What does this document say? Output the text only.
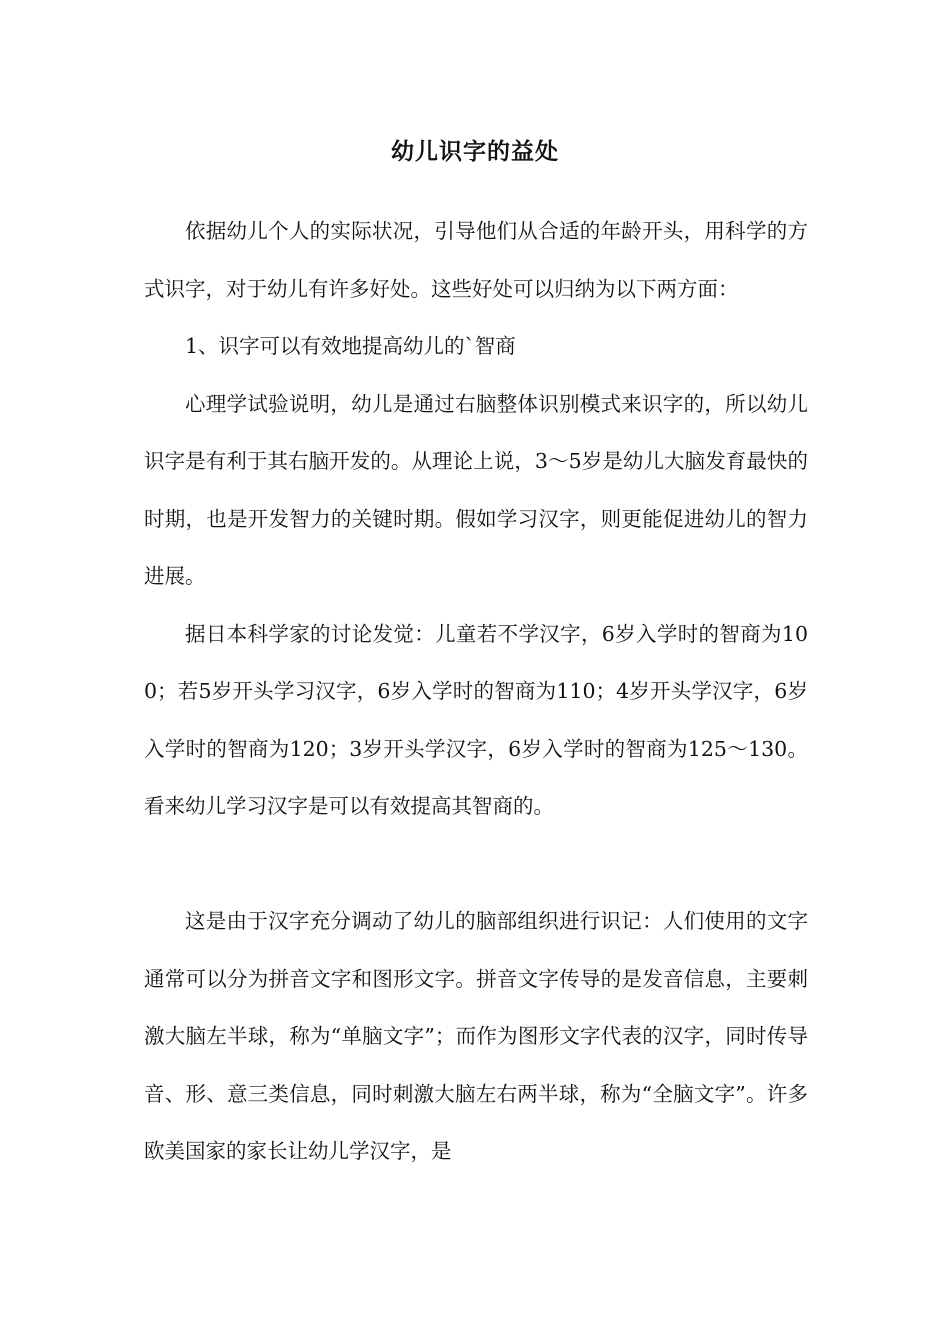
幼儿识字的益处

依据幼儿个人的实际状况，引导他们从合适的年龄开头，用科学的方式识字，对于幼儿有许多好处。这些好处可以归纳为以下两方面：

1、识字可以有效地提高幼儿的`智商

心理学试验说明，幼儿是通过右脑整体识别模式来识字的，所以幼儿识字是有利于其右脑开发的。从理论上说，3～5岁是幼儿大脑发育最快的时期，也是开发智力的关键时期。假如学习汉字，则更能促进幼儿的智力进展。

据日本科学家的讨论发觉：儿童若不学汉字，6岁入学时的智商为100；若5岁开头学习汉字，6岁入学时的智商为110；4岁开头学汉字，6岁入学时的智商为120；3岁开头学汉字，6岁入学时的智商为125～130。看来幼儿学习汉字是可以有效提高其智商的。

这是由于汉字充分调动了幼儿的脑部组织进行识记：人们使用的文字通常可以分为拼音文字和图形文字。拼音文字传导的是发音信息，主要刺激大脑左半球，称为“单脑文字”；而作为图形文字代表的汉字，同时传导音、形、意三类信息，同时刺激大脑左右两半球，称为“全脑文字”。许多欧美国家的家长让幼儿学汉字，是
